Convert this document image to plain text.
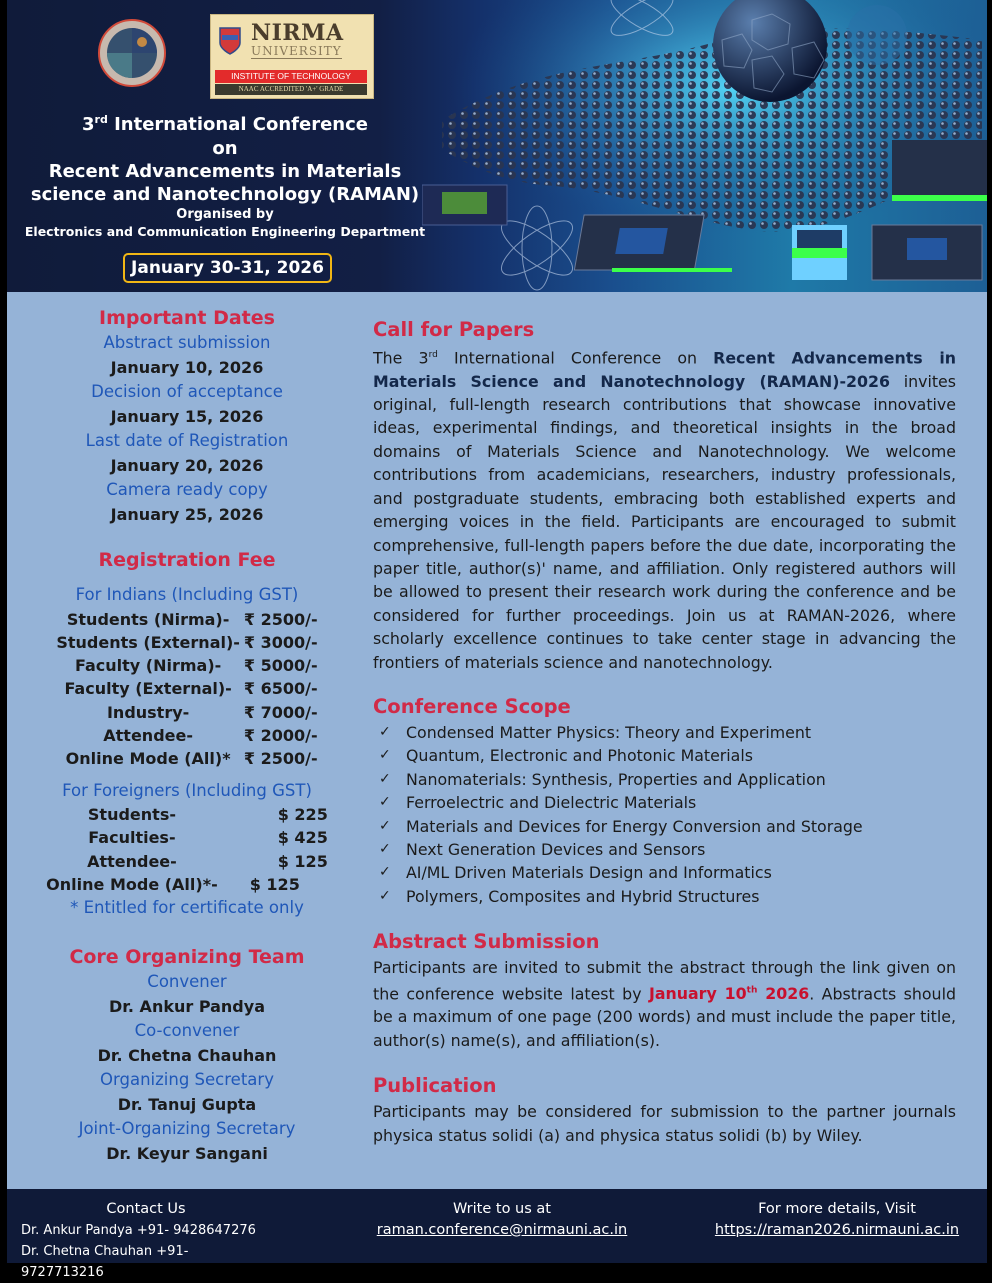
NIRMA
UNIVERSITY
INSTITUTE OF TECHNOLOGY
NAAC ACCREDITED 'A+' GRADE
3rd International Conference
on
Recent Advancements in Materials
science and Nanotechnology (RAMAN)
Organised by
Electronics and Communication Engineering Department
January 30-31, 2026
Important Dates
Abstract submission
January 10, 2026
Decision of acceptance
January 15, 2026
Last date of Registration
January 20, 2026
Camera ready copy
January 25, 2026
Registration Fee
For Indians (Including GST)
Students (Nirma)-	₹ 2500/-
Students (External)-	₹ 3000/-
Faculty (Nirma)-	₹ 5000/-
Faculty (External)-	₹ 6500/-
Industry-	₹ 7000/-
Attendee-	₹ 2000/-
Online Mode (All)*	₹ 2500/-
For Foreigners (Including GST)
Students-	$ 225
Faculties-	$ 425
Attendee-	$ 125
Online Mode (All)*-	$ 125
* Entitled for certificate only
Core Organizing Team
Convener
Dr. Ankur Pandya
Co-convener
Dr. Chetna Chauhan
Organizing Secretary
Dr. Tanuj Gupta
Joint-Organizing Secretary
Dr. Keyur Sangani
Call for Papers

The 3rd International Conference on Recent Advancements in Materials Science and Nanotechnology (RAMAN)-2026 invites original, full-length research contributions that showcase innovative ideas, experimental findings, and theoretical insights in the broad domains of Materials Science and Nanotechnology. We welcome contributions from academicians, researchers, industry professionals, and postgraduate students, embracing both established experts and emerging voices in the field. Participants are encouraged to submit comprehensive, full-length papers before the due date, incorporating the paper title, author(s)' name, and affiliation. Only registered authors will be allowed to present their research work during the conference and be considered for further proceedings. Join us at RAMAN-2026, where scholarly excellence continues to take center stage in advancing the frontiers of materials science and nanotechnology.

Conference Scope
✓ Condensed Matter Physics: Theory and Experiment
✓ Quantum, Electronic and Photonic Materials
✓ Nanomaterials: Synthesis, Properties and Application
✓ Ferroelectric and Dielectric Materials
✓ Materials and Devices for Energy Conversion and Storage
✓ Next Generation Devices and Sensors
✓ AI/ML Driven Materials Design and Informatics
✓ Polymers, Composites and Hybrid Structures
Abstract Submission

Participants are invited to submit the abstract through the link given on the conference website latest by January 10th 2026. Abstracts should be a maximum of one page (200 words) and must include the paper title, author(s) name(s), and affiliation(s).

Publication

Participants may be considered for submission to the partner journals physica status solidi (a) and physica status solidi (b) by Wiley.

Contact Us
Dr. Ankur Pandya +91- 9428647276
Dr. Chetna Chauhan +91-9727713216
Write to us at
raman.conference@nirmauni.ac.in
For more details, Visit
https://raman2026.nirmauni.ac.in
